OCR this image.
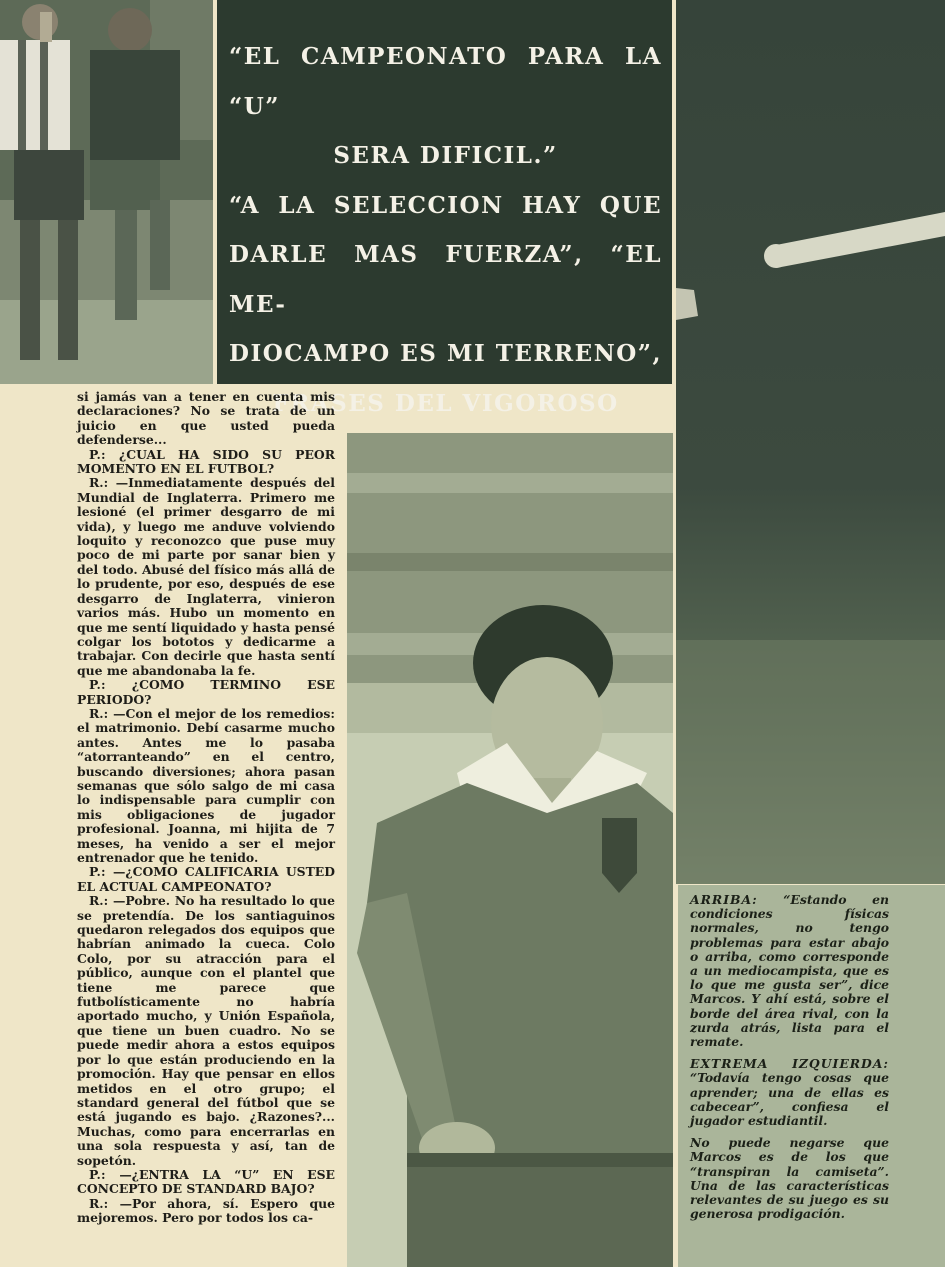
“EL CAMPEONATO PARA LA “U”

SERA DIFICIL.”

“A LA SELECCION HAY QUE

DARLE MAS FUERZA”, “EL ME-

DIOCAMPO ES MI TERRENO”,

FRASES DEL VIGOROSO

si jamás van a tener en cuenta mis declaraciones? No se trata de un juicio en que usted pueda defenderse...

P.: ¿CUAL HA SIDO SU PEOR MOMENTO EN EL FUTBOL?

R.: —Inmediatamente después del Mundial de Inglaterra. Primero me lesioné (el primer desgarro de mi vida), y luego me anduve volviendo loquito y reconozco que puse muy poco de mi parte por sanar bien y del todo. Abusé del físico más allá de lo prudente, por eso, después de ese desgarro de Inglaterra, vinieron varios más. Hubo un momento en que me sentí liquidado y hasta pensé colgar los bototos y dedicarme a trabajar. Con decirle que hasta sentí que me abandonaba la fe.

P.: ¿COMO TERMINO ESE PERIODO?

R.: —Con el mejor de los remedios: el matrimonio. Debí casarme mucho antes. Antes me lo pasaba “atorranteando” en el centro, buscando diversiones; ahora pasan semanas que sólo salgo de mi casa lo indispensable para cumplir con mis obligaciones de jugador profesional. Joanna, mi hijita de 7 meses, ha venido a ser el mejor entrenador que he tenido.

P.: —¿COMO CALIFICARIA USTED EL ACTUAL CAMPEONATO?

R.: —Pobre. No ha resultado lo que se pretendía. De los santiaguinos quedaron relegados dos equipos que habrían animado la cueca. Colo Colo, por su atracción para el público, aunque con el plantel que tiene me parece que futbolísticamente no habría aportado mucho, y Unión Española, que tiene un buen cuadro. No se puede medir ahora a estos equipos por lo que están produciendo en la promoción. Hay que pensar en ellos metidos en el otro grupo; el standard general del fútbol que se está jugando es bajo. ¿Razones?... Muchas, como para encerrarlas en una sola respuesta y así, tan de sopetón.

P.: —¿ENTRA LA “U” EN ESE CONCEPTO DE STANDARD BAJO?

R.: —Por ahora, sí. Espero que mejoremos. Pero por todos los ca-

ARRIBA: “Estando en condiciones físicas normales, no tengo problemas para estar abajo o arriba, como corresponde a un mediocampista, que es lo que me gusta ser”, dice Marcos. Y ahí está, sobre el borde del área rival, con la zurda atrás, lista para el remate.

EXTREMA IZQUIERDA: “Todavía tengo cosas que aprender; una de ellas es cabecear”, confiesa el jugador estudiantil.

No puede negarse que Marcos es de los que “transpiran la camiseta”. Una de las características relevantes de su juego es su generosa prodigación.
